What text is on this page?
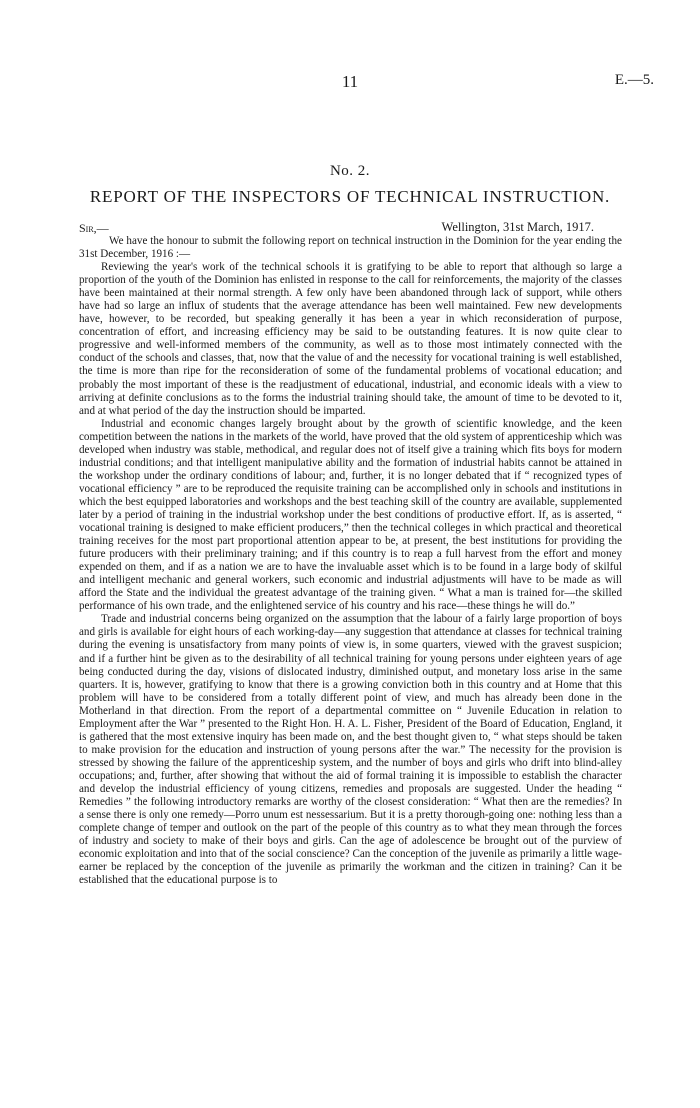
11	E.—5.
No. 2.
REPORT OF THE INSPECTORS OF TECHNICAL INSTRUCTION.
Sir,—	Wellington, 31st March, 1917.

We have the honour to submit the following report on technical instruction in the Dominion for the year ending the 31st December, 1916 :—

Reviewing the year's work of the technical schools it is gratifying to be able to report that although so large a proportion of the youth of the Dominion has enlisted in response to the call for reinforcements, the majority of the classes have been maintained at their normal strength. A few only have been abandoned through lack of support, while others have had so large an influx of students that the average attendance has been well maintained. Few new developments have, however, to be recorded, but speaking generally it has been a year in which reconsideration of purpose, concentration of effort, and increasing efficiency may be said to be outstanding features. It is now quite clear to progressive and well-informed members of the community, as well as to those most intimately connected with the conduct of the schools and classes, that, now that the value of and the necessity for vocational training is well established, the time is more than ripe for the reconsideration of some of the fundamental problems of vocational education; and probably the most important of these is the readjustment of educational, industrial, and economic ideals with a view to arriving at definite conclusions as to the forms the industrial training should take, the amount of time to be devoted to it, and at what period of the day the instruction should be imparted.

Industrial and economic changes largely brought about by the growth of scientific knowledge, and the keen competition between the nations in the markets of the world, have proved that the old system of apprenticeship which was developed when industry was stable, methodical, and regular does not of itself give a training which fits boys for modern industrial conditions; and that intelligent manipulative ability and the formation of industrial habits cannot be attained in the workshop under the ordinary conditions of labour; and, further, it is no longer debated that if “ recognized types of vocational efficiency ” are to be reproduced the requisite training can be accomplished only in schools and institutions in which the best equipped laboratories and workshops and the best teaching skill of the country are available, supplemented later by a period of training in the industrial workshop under the best conditions of productive effort. If, as is asserted, “ vocational training is designed to make efficient producers,” then the technical colleges in which practical and theoretical training receives for the most part proportional attention appear to be, at present, the best institutions for providing the future producers with their preliminary training; and if this country is to reap a full harvest from the effort and money expended on them, and if as a nation we are to have the invaluable asset which is to be found in a large body of skilful and intelligent mechanic and general workers, such economic and industrial adjustments will have to be made as will afford the State and the individual the greatest advantage of the training given. “ What a man is trained for—the skilled performance of his own trade, and the enlightened service of his country and his race—these things he will do.”

Trade and industrial concerns being organized on the assumption that the labour of a fairly large proportion of boys and girls is available for eight hours of each working-day—any suggestion that attendance at classes for technical training during the evening is unsatisfactory from many points of view is, in some quarters, viewed with the gravest suspicion; and if a further hint be given as to the desirability of all technical training for young persons under eighteen years of age being conducted during the day, visions of dislocated industry, diminished output, and monetary loss arise in the same quarters. It is, however, gratifying to know that there is a growing conviction both in this country and at Home that this problem will have to be considered from a totally different point of view, and much has already been done in the Motherland in that direction. From the report of a departmental committee on “ Juvenile Education in relation to Employment after the War ” presented to the Right Hon. H. A. L. Fisher, President of the Board of Education, England, it is gathered that the most extensive inquiry has been made on, and the best thought given to, “ what steps should be taken to make provision for the education and instruction of young persons after the war.” The necessity for the provision is stressed by showing the failure of the apprenticeship system, and the number of boys and girls who drift into blind-alley occupations; and, further, after showing that without the aid of formal training it is impossible to establish the character and develop the industrial efficiency of young citizens, remedies and proposals are suggested. Under the heading “ Remedies ” the following introductory remarks are worthy of the closest consideration: “ What then are the remedies? In a sense there is only one remedy—Porro unum est nessessarium. But it is a pretty thorough-going one: nothing less than a complete change of temper and outlook on the part of the people of this country as to what they mean through the forces of industry and society to make of their boys and girls. Can the age of adolescence be brought out of the purview of economic exploitation and into that of the social conscience? Can the conception of the juvenile as primarily a little wage-earner be replaced by the conception of the juvenile as primarily the workman and the citizen in training? Can it be established that the educational purpose is to
